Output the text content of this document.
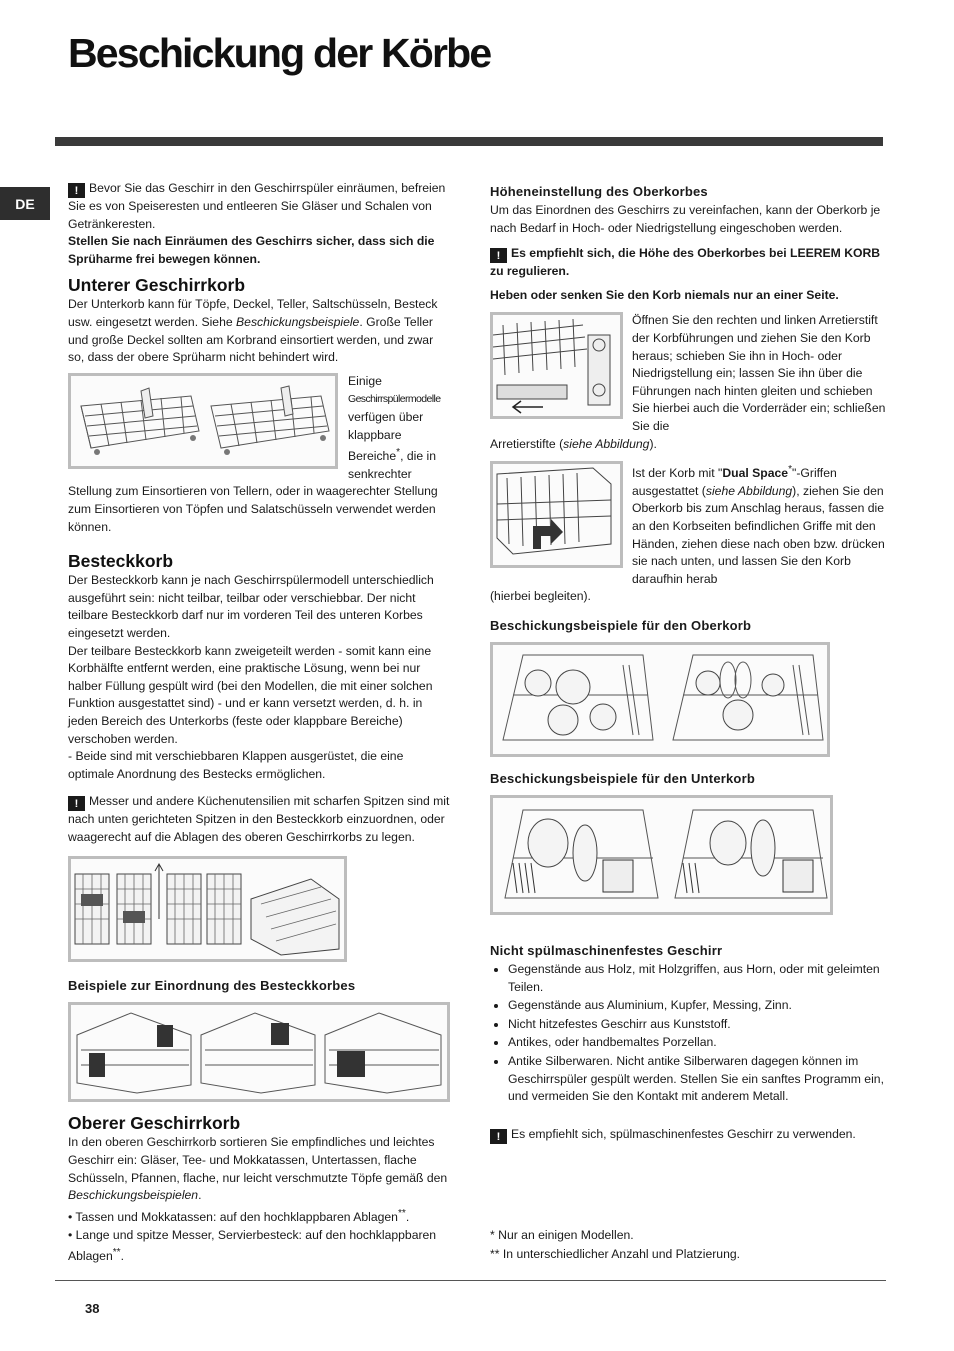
Beschickung der Körbe
DE

! Bevor Sie das Geschirr in den Geschirrspüler einräumen, befreien Sie es von Speiseresten und entleeren Sie Gläser und Schalen von Getränkeresten.

Stellen Sie nach Einräumen des Geschirrs sicher, dass sich die Sprüharme frei bewegen können.

Unterer Geschirrkorb

Der Unterkorb kann für Töpfe, Deckel, Teller, Saltschüsseln, Besteck usw. eingesetzt werden. Siehe Beschickungsbeispiele. Große Teller und große Deckel sollten am Korbrand einsortiert werden, und zwar so, dass der obere Sprüharm nicht behindert wird.

Einige
Geschirrspülermodelle
verfügen über klappbare Bereiche*, die in senkrechter

Stellung zum Einsortieren von Tellern, oder in waagerechter Stellung zum Einsortieren von Töpfen und Salatschüsseln verwendet werden können.

Besteckkorb

Der Besteckkorb kann je nach Geschirrspülermodell unterschiedlich ausgeführt sein: nicht teilbar, teilbar oder verschiebbar. Der nicht teilbare Besteckkorb darf nur im vorderen Teil des unteren Korbes eingesetzt werden.

Der teilbare Besteckkorb kann zweigeteilt werden - somit kann eine Korbhälfte entfernt werden, eine praktische Lösung, wenn bei nur halber Füllung gespült wird (bei den Modellen, die mit einer solchen Funktion ausgestattet sind) - und er kann versetzt werden, d. h. in jeden Bereich des Unterkorbs (feste oder klappbare Bereiche) verschoben werden.

- Beide sind mit verschiebbaren Klappen ausgerüstet, die eine optimale Anordnung des Bestecks ermöglichen.

! Messer und andere Küchenutensilien mit scharfen Spitzen sind mit nach unten gerichteten Spitzen in den Besteckkorb einzuordnen, oder waagerecht auf die Ablagen des oberen Geschirrkorbs zu legen.

Beispiele zur Einordnung des Besteckkorbes
Oberer Geschirrkorb

In den oberen Geschirrkorb sortieren Sie empfindliches und leichtes Geschirr ein: Gläser, Tee- und Mokkatassen, Untertassen, flache Schüsseln, Pfannen, flache, nur leicht verschmutzte Töpfe gemäß den Beschickungsbeispielen.

• Tassen und Mokkatassen: auf den hochklappbaren Ablagen**.

• Lange und spitze Messer, Servierbesteck: auf den hochklappbaren Ablagen**.

Höheneinstellung des Oberkorbes

Um das Einordnen des Geschirrs zu vereinfachen, kann der Oberkorb je nach Bedarf in Hoch- oder Niedrigstellung eingeschoben werden.

! Es empfiehlt sich, die Höhe des Oberkorbes bei LEEREM KORB zu regulieren.

Heben oder senken Sie den Korb niemals nur an einer Seite.

Öffnen Sie den rechten und linken Arretierstift der Korbführungen und ziehen Sie den Korb heraus; schieben Sie ihn in Hoch- oder Niedrigstellung ein; lassen Sie ihn über die Führungen nach hinten gleiten und schieben Sie hierbei auch die Vorderräder ein; schließen Sie die

Arretierstifte (siehe Abbildung).

Ist der Korb mit "Dual Space*"-Griffen ausgestattet (siehe Abbildung), ziehen Sie den Oberkorb bis zum Anschlag heraus, fassen die an den Korbseiten befindlichen Griffe mit den Händen, ziehen diese nach oben bzw. drücken sie nach unten, und lassen Sie den Korb daraufhin herab

(hierbei begleiten).

Beschickungsbeispiele für den Oberkorb
Beschickungsbeispiele für den Unterkorb
Nicht spülmaschinenfestes Geschirr
• Gegenstände aus Holz, mit Holzgriffen, aus Horn, oder mit geleimten Teilen.
• Gegenstände aus Aluminium, Kupfer, Messing, Zinn.
• Nicht hitzefestes Geschirr aus Kunststoff.
• Antikes, oder handbemaltes Porzellan.
• Antike Silberwaren. Nicht antike Silberwaren dagegen können im Geschirrspüler gespült werden. Stellen Sie ein sanftes Programm ein, und vermeiden Sie den Kontakt mit anderem Metall.

! Es empfiehlt sich, spülmaschinenfestes Geschirr zu verwenden.

* Nur an einigen Modellen.

** In unterschiedlicher Anzahl und Platzierung.

38
